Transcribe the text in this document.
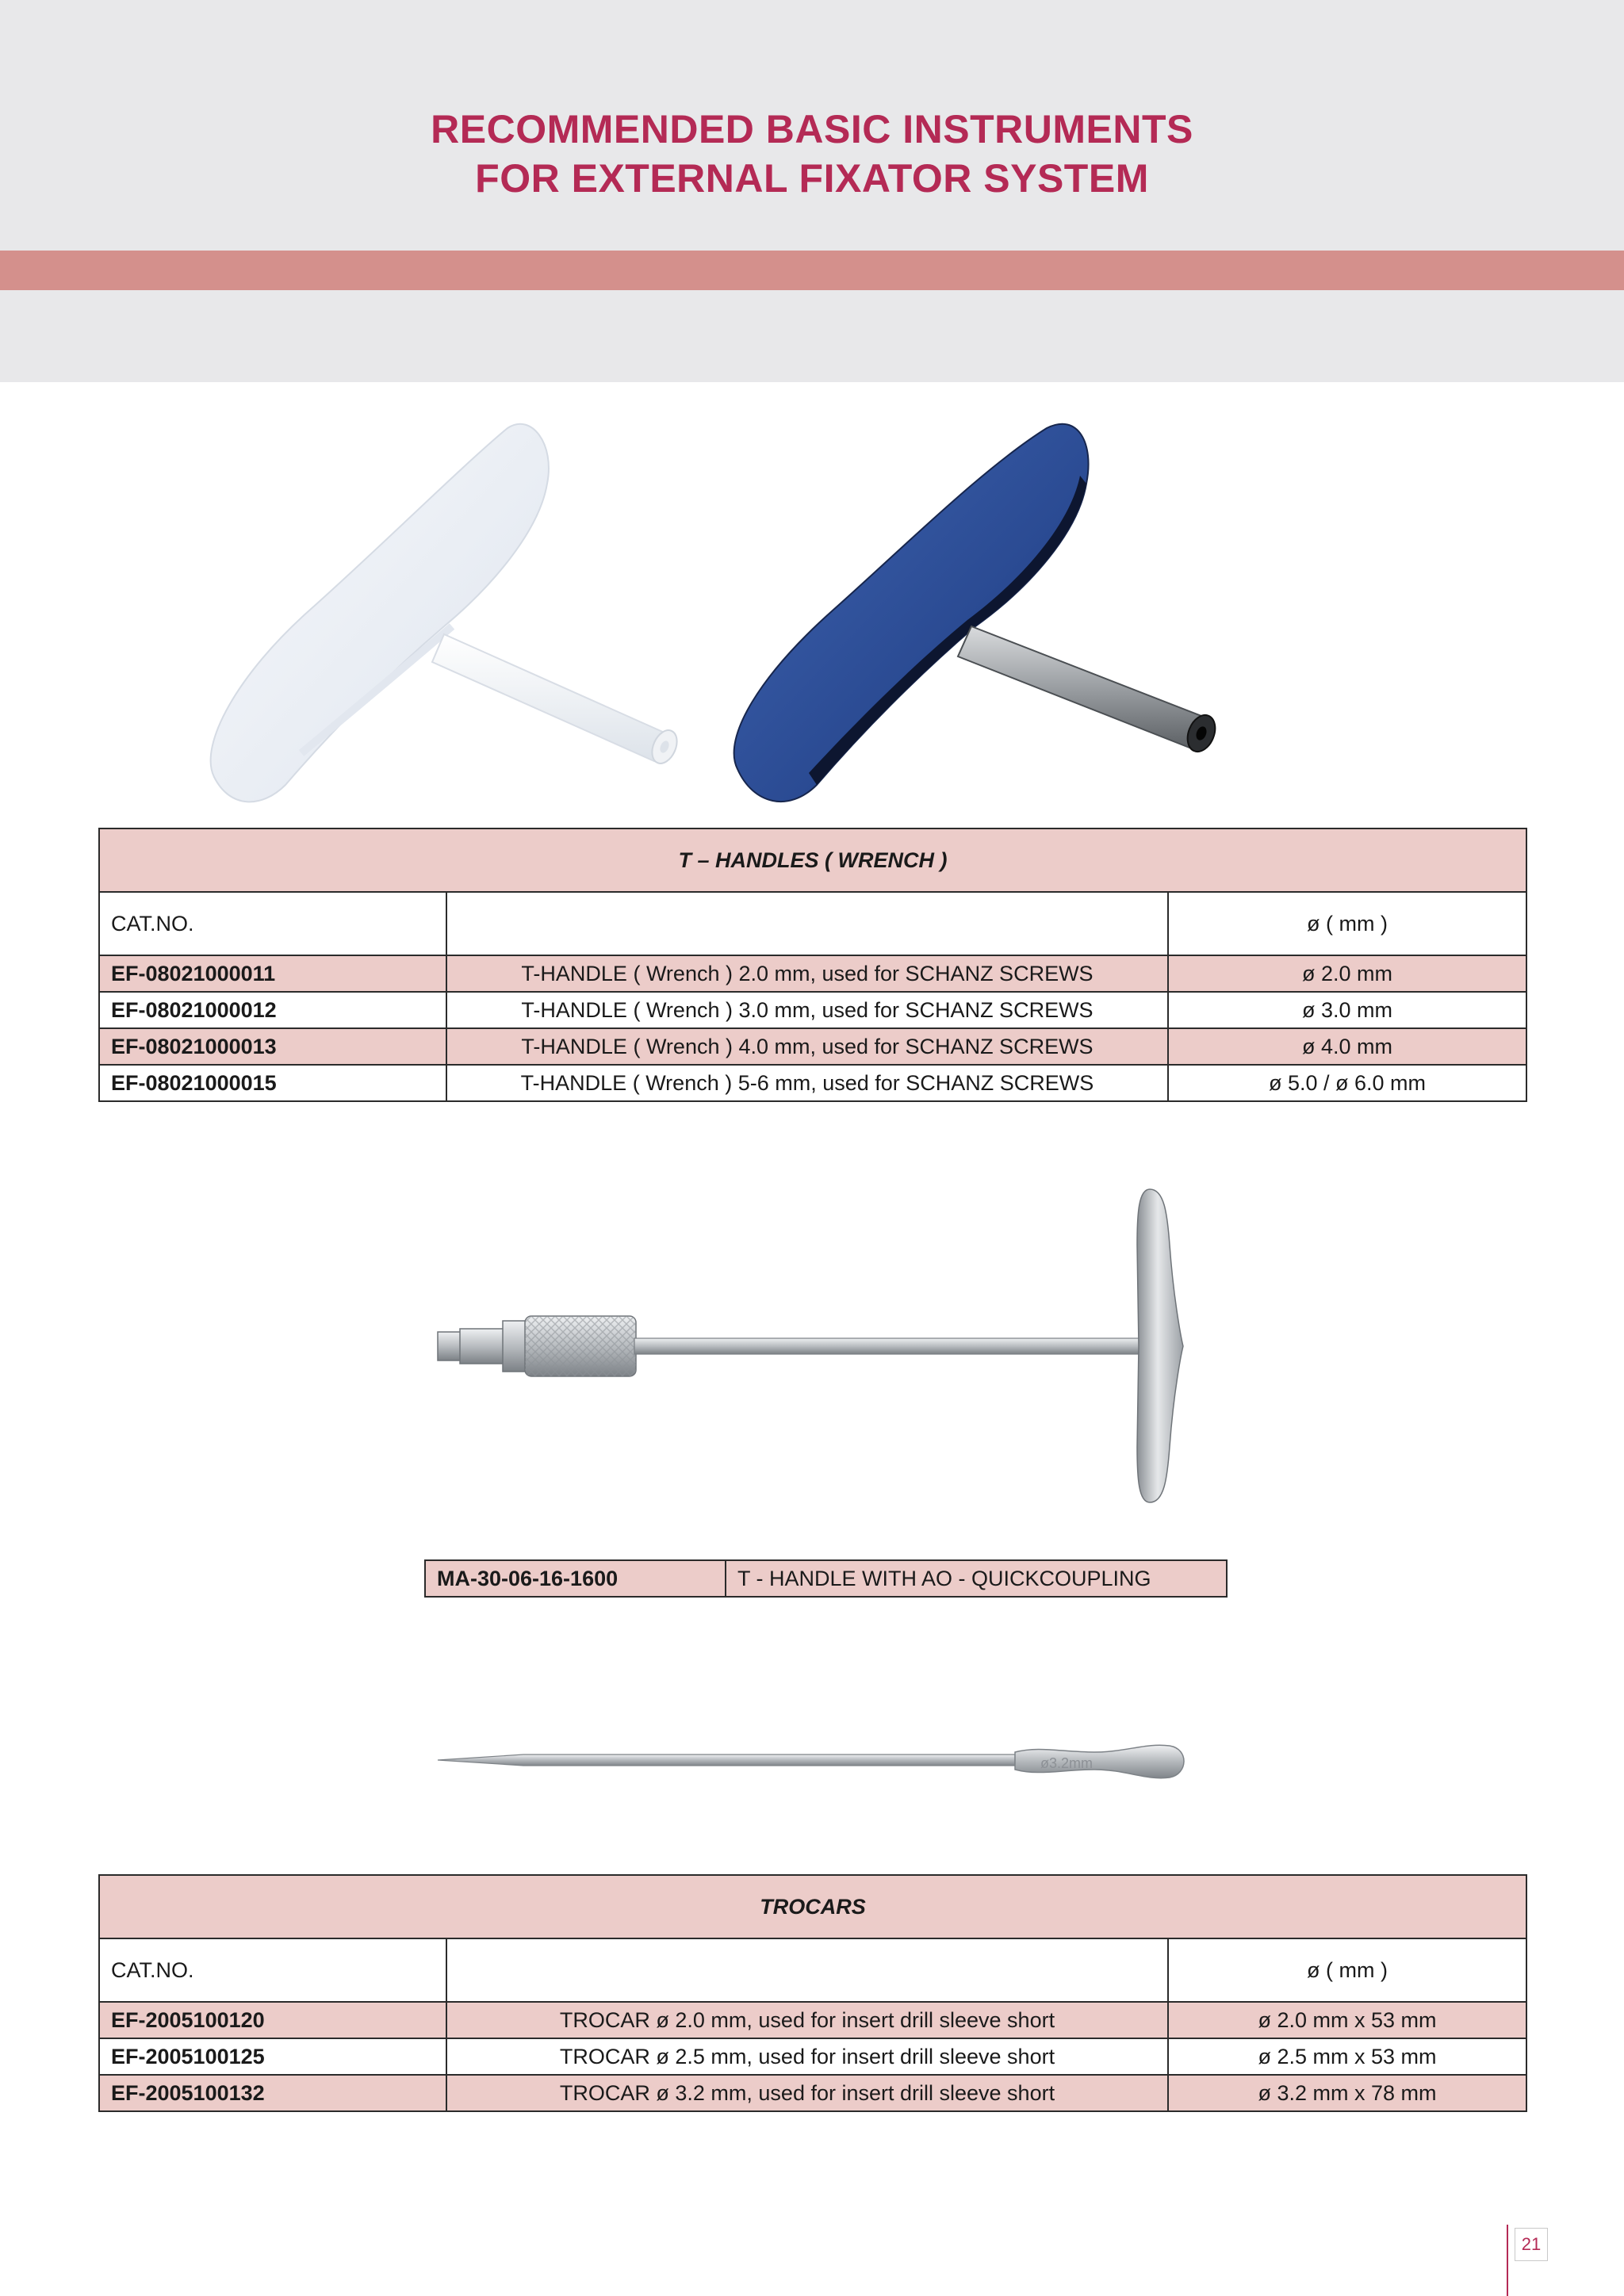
RECOMMENDED BASIC INSTRUMENTS
FOR EXTERNAL FIXATOR SYSTEM
T – HANDLES ( WRENCH )		
CAT.NO.		ø ( mm )
EF-08021000011	T-HANDLE ( Wrench ) 2.0 mm, used for SCHANZ SCREWS	ø 2.0 mm
EF-08021000012	T-HANDLE ( Wrench ) 3.0 mm, used for SCHANZ SCREWS	ø 3.0 mm
EF-08021000013	T-HANDLE ( Wrench ) 4.0 mm, used for SCHANZ SCREWS	ø 4.0 mm
EF-08021000015	T-HANDLE ( Wrench ) 5-6 mm, used for SCHANZ SCREWS	ø 5.0 / ø 6.0 mm
MA-30-06-16-1600	T - HANDLE WITH AO - QUICKCOUPLING
ø3.2mm
TROCARS		
CAT.NO.		ø ( mm )
EF-2005100120	TROCAR ø 2.0 mm, used for insert drill sleeve short	ø 2.0 mm x 53 mm
EF-2005100125	TROCAR ø 2.5 mm, used for insert drill sleeve short	ø 2.5 mm x 53 mm
EF-2005100132	TROCAR ø 3.2 mm, used for insert drill sleeve short	ø 3.2 mm x 78 mm
21
